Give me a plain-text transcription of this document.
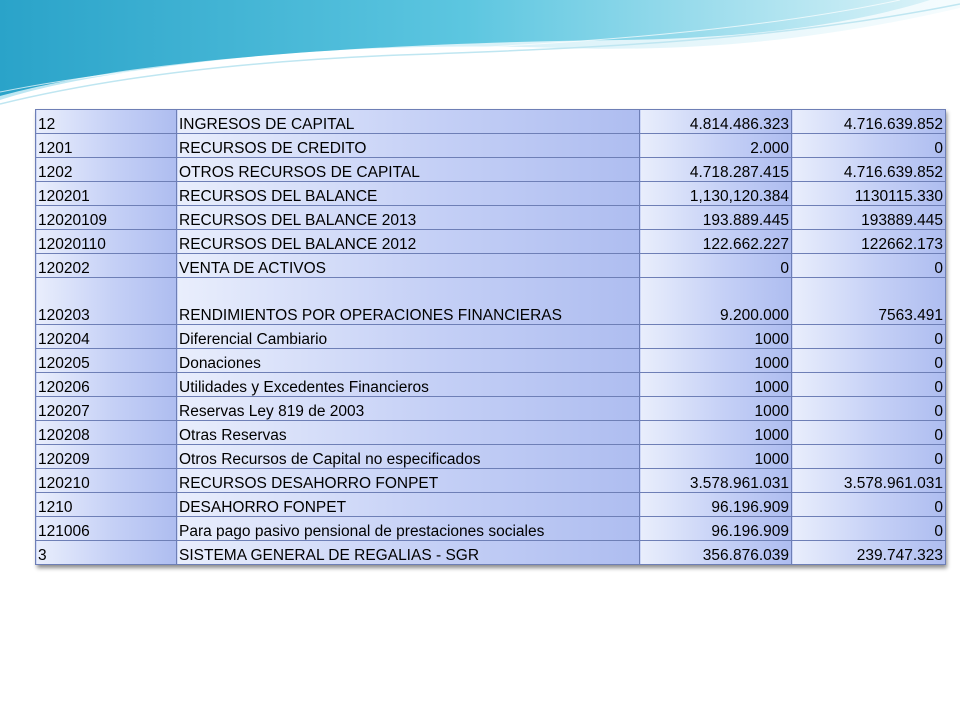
12	INGRESOS DE CAPITAL	4.814.486.323	4.716.639.852
1201	RECURSOS DE CREDITO	2.000	0
1202	OTROS RECURSOS DE CAPITAL	4.718.287.415	4.716.639.852
120201	RECURSOS DEL BALANCE	1,130,120.384	1130115.330
12020109	RECURSOS DEL BALANCE 2013	193.889.445	193889.445
12020110	RECURSOS DEL BALANCE 2012	122.662.227	122662.173
120202	VENTA DE ACTIVOS	0	0
120203	RENDIMIENTOS POR OPERACIONES FINANCIERAS	9.200.000	7563.491
120204	Diferencial Cambiario	1000	0
120205	Donaciones	1000	0
120206	Utilidades y Excedentes Financieros	1000	0
120207	Reservas Ley 819 de 2003	1000	0
120208	Otras Reservas	1000	0
120209	Otros Recursos de Capital no especificados	1000	0
120210	RECURSOS DESAHORRO FONPET	3.578.961.031	3.578.961.031
1210	DESAHORRO FONPET	96.196.909	0
121006	Para pago pasivo pensional de prestaciones sociales	96.196.909	0
3	SISTEMA GENERAL DE REGALIAS - SGR	356.876.039	239.747.323
